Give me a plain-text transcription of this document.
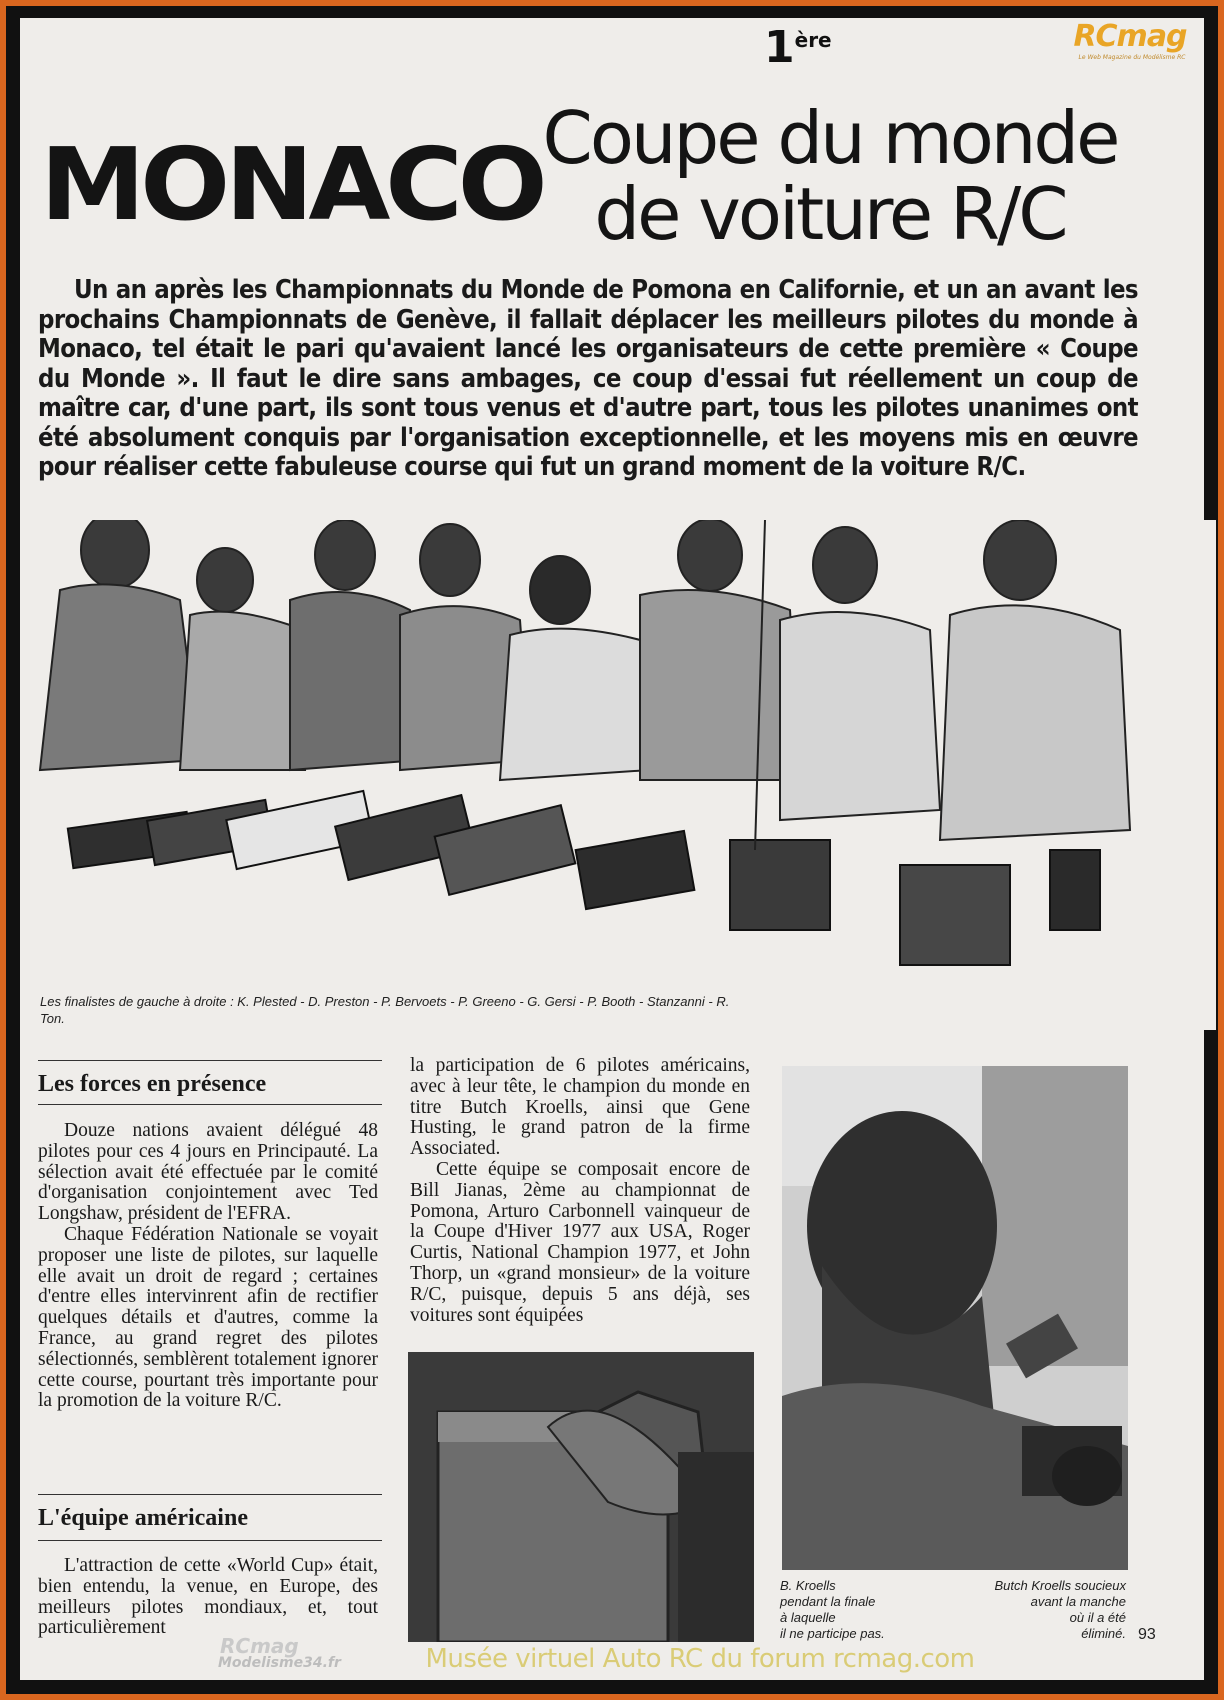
RCmag
Le Web Magazine du Modélisme RC
1ère
MONACO Coupe du monde
de voiture R/C
Un an après les Championnats du Monde de Pomona en Californie, et un an avant les prochains Championnats de Genève, il fallait déplacer les meilleurs pilotes du monde à Monaco, tel était le pari qu'avaient lancé les organisateurs de cette première « Coupe du Monde ». Il faut le dire sans ambages, ce coup d'essai fut réellement un coup de maître car, d'une part, ils sont tous venus et d'autre part, tous les pilotes unanimes ont été absolument conquis par l'organisation exceptionnelle, et les moyens mis en œuvre pour réaliser cette fabuleuse course qui fut un grand moment de la voiture R/C.
Les finalistes de gauche à droite : K. Plested - D. Preston - P. Bervoets - P. Greeno - G. Gersi - P. Booth - Stanzanni - R. Ton.
Les forces en présence

Douze nations avaient délégué 48 pilotes pour ces 4 jours en Principauté. La sélection avait été effectuée par le comité d'organisation conjointement avec Ted Longshaw, président de l'EFRA.

Chaque Fédération Nationale se voyait proposer une liste de pilotes, sur laquelle elle avait un droit de regard ; certaines d'entre elles intervinrent afin de rectifier quelques détails et d'autres, comme la France, au grand regret des pilotes sélectionnés, semblèrent totalement ignorer cette course, pourtant très importante pour la promotion de la voiture R/C.

L'équipe américaine

L'attraction de cette «World Cup» était, bien entendu, la venue, en Europe, des meilleurs pilotes mondiaux, et, tout particulièrement

la participation de 6 pilotes américains, avec à leur tête, le champion du monde en titre Butch Kroells, ainsi que Gene Husting, le grand patron de la firme Associated.

Cette équipe se composait encore de Bill Jianas, 2ème au championnat de Pomona, Arturo Carbonnell vainqueur de la Coupe d'Hiver 1977 aux USA, Roger Curtis, National Champion 1977, et John Thorp, un «grand monsieur» de la voiture R/C, puisque, depuis 5 ans déjà, ses voitures sont équipées

B. Kroells
pendant la finale
à laquelle
il ne participe pas.
Butch Kroells soucieux
avant la manche
où il a été
éliminé. 93
RCmag
Modelisme34.fr	Musée virtuel Auto RC du forum rcmag.com
